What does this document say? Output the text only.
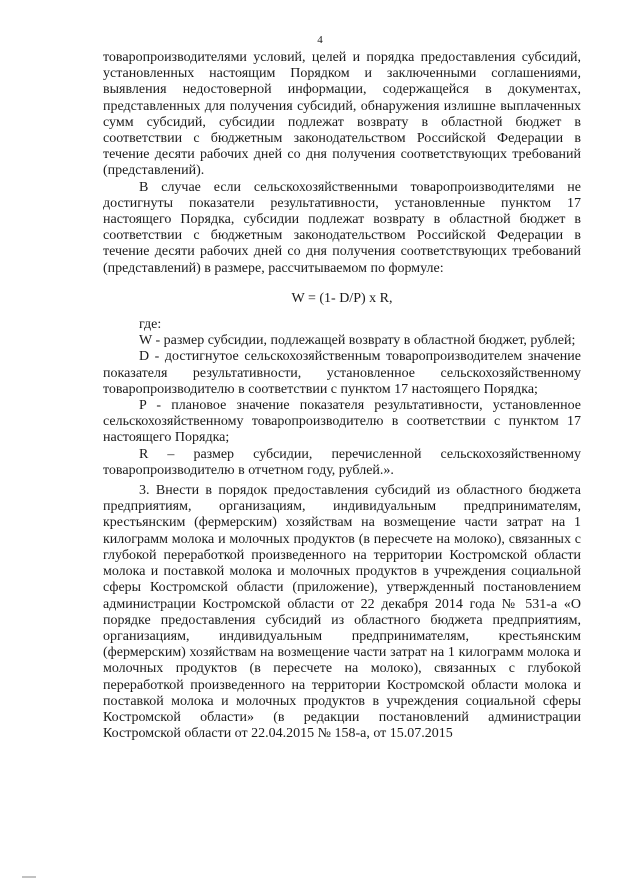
4

товаропроизводителями условий, целей и порядка предоставления субсидий, установленных настоящим Порядком и заключенными соглашениями, выявления недостоверной информации, содержащейся в документах, представленных для получения субсидий, обнаружения излишне выплаченных сумм субсидий, субсидии подлежат возврату в областной бюджет в соответствии с бюджетным законодательством Российской Федерации в течение десяти рабочих дней со дня получения соответствующих требований (представлений).

В случае если сельскохозяйственными товаропроизводителями не достигнуты показатели результативности, установленные пунктом 17 настоящего Порядка, субсидии подлежат возврату в областной бюджет в соответствии с бюджетным законодательством Российской Федерации в течение десяти рабочих дней со дня получения соответствующих требований (представлений) в размере, рассчитываемом по формуле:

W = (1- D/P) x R,

где:

W - размер субсидии, подлежащей возврату в областной бюджет, рублей;

D - достигнутое сельскохозяйственным товаропроизводителем значение показателя результативности, установленное сельскохозяйственному товаропроизводителю в соответствии с пунктом 17 настоящего Порядка;

P - плановое значение показателя результативности, установленное сельскохозяйственному товаропроизводителю в соответствии с пунктом 17 настоящего Порядка;

R – размер субсидии, перечисленной сельскохозяйственному товаропроизводителю в отчетном году, рублей.».

3. Внести в порядок предоставления субсидий из областного бюджета предприятиям, организациям, индивидуальным предпринимателям, крестьянским (фермерским) хозяйствам на возмещение части затрат на 1 килограмм молока и молочных продуктов (в пересчете на молоко), связанных с глубокой переработкой произведенного на территории Костромской области молока и поставкой молока и молочных продуктов в учреждения социальной сферы Костромской области (приложение), утвержденный постановлением администрации Костромской области от 22 декабря 2014 года № 531-а «О порядке предоставления субсидий из областного бюджета предприятиям, организациям, индивидуальным предпринимателям, крестьянским (фермерским) хозяйствам на возмещение части затрат на 1 килограмм молока и молочных продуктов (в пересчете на молоко), связанных с глубокой переработкой произведенного на территории Костромской области молока и поставкой молока и молочных продуктов в учреждения социальной сферы Костромской области» (в редакции постановлений администрации Костромской области от 22.04.2015 № 158-а, от 15.07.2015
